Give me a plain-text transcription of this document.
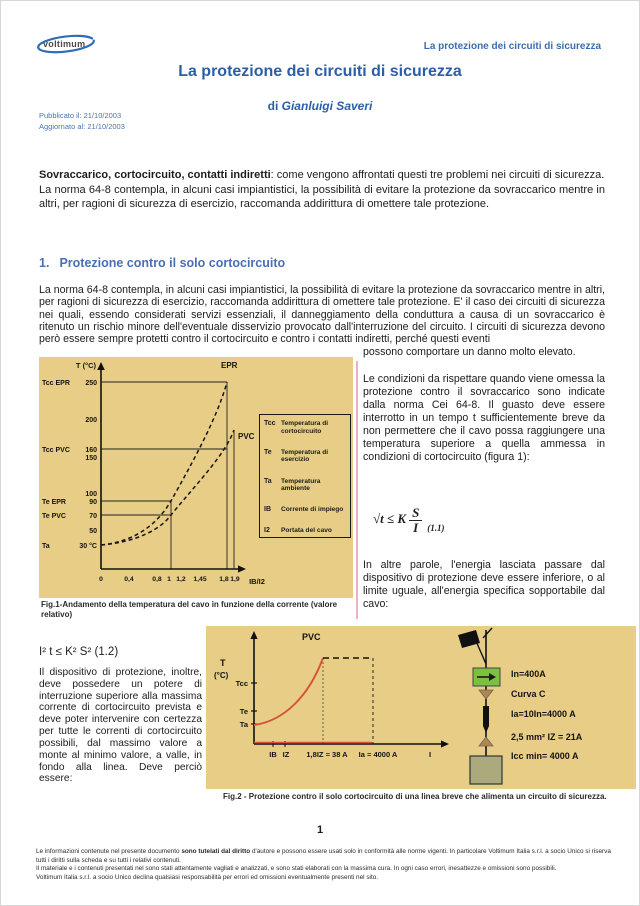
voltimum	La protezione dei circuiti di sicurezza
La protezione dei circuiti di sicurezza
di Gianluigi Saveri
Pubblicato il: 21/10/2003
Aggiornato al: 21/10/2003
Sovraccarico, cortocircuito, contatti indiretti: come vengono affrontati questi tre problemi nei circuiti di sicurezza.
La norma 64-8 contempla, in alcuni casi impiantistici, la possibilità di evitare la protezione da sovraccarico mentre in altri, per ragioni di sicurezza di esercizio, raccomanda addirittura di omettere tale protezione.
1. Protezione contro il solo cortocircuito
La norma 64-8 contempla, in alcuni casi impiantistici, la possibilità di evitare la protezione da sovraccarico mentre in altri, per ragioni di sicurezza di esercizio, raccomanda addirittura di omettere tale protezione. E' il caso dei circuiti di sicurezza nei quali, essendo considerati servizi essenziali, il danneggiamento della conduttura a causa di un sovraccarico è ritenuto un rischio minore dell'eventuale disservizio provocato dall'interruzione del circuito. I circuiti di sicurezza devono però essere sempre protetti contro il cortocircuito e contro i contatti indiretti, perché questi eventi
possono comportare un danno molto elevato.
T (°C)
IB/I2
EPR
PVC
Tcc EPR
Tcc PVC
Te EPR
Te PVC
Ta
250
200
160
150
100
90
70
50
30 °C
0	0,4	0,8 1 1,2 1,45 1,8 1,9
Tcc Temperatura di cortocircuito
Te	Temperatura di esercizio
Ta	Temperatura ambiente
IB	Corrente di impiego
I2	Portata del cavo
Fig.1-Andamento della temperatura del cavo in funzione della corrente (valore relativo)
Le condizioni da rispettare quando viene omessa la protezione contro il sovraccarico sono indicate dalla norma Cei 64-8. Il guasto deve essere interrotto in un tempo t sufficientemente breve da non permettere che il cavo possa raggiungere una temperatura superiore a quella ammessa in condizioni di cortocircuito (figura 1):
√t ≤ K $\frac{S}{I} _{(1.1)}$
In altre parole, l'energia lasciata passare dal dispositivo di protezione deve essere inferiore, o al limite uguale, all'energia specifica sopportabile dal cavo:
I² t ≤ K² S² (1.2)
Il dispositivo di protezione, inoltre, deve possedere un potere di interruzione superiore alla massima corrente di cortocircuito prevista e deve poter intervenire con certezza per tutte le correnti di cortocircuito possibili, dal massimo valore a monte al minimo valore, a valle, in fondo alla linea. Deve perciò essere:
T
(°C)
Tcc
Te
Ta
PVC
IB IZ 1,8IZ = 38 A Ia = 4000 A	I
In=400A
Curva C
Ia=10In=4000 A
2,5 mm² IZ = 21A
Icc min= 4000 A
Fig.2 - Protezione contro il solo cortocircuito di una linea breve che alimenta un circuito di sicurezza.
1
Le informazioni contenute nel presente documento sono tutelati dal diritto d'autore e possono essere usati solo in conformità alle norme vigenti. In particolare Voltimum Italia s.r.l. a socio Unico si riserva tutti i diritti sulla scheda e su tutti i relativi contenuti.
Il materiale e i contenuti presentati nel sono stati attentamente vagliati e analizzati, e sono stati elaborati con la massima cura. In ogni caso errori, inesattezze e omissioni sono possibili.
Voltimum Italia s.r.l. a socio Unico declina qualsiasi responsabilità per errori ed omissioni eventualmente presenti nel sito.
